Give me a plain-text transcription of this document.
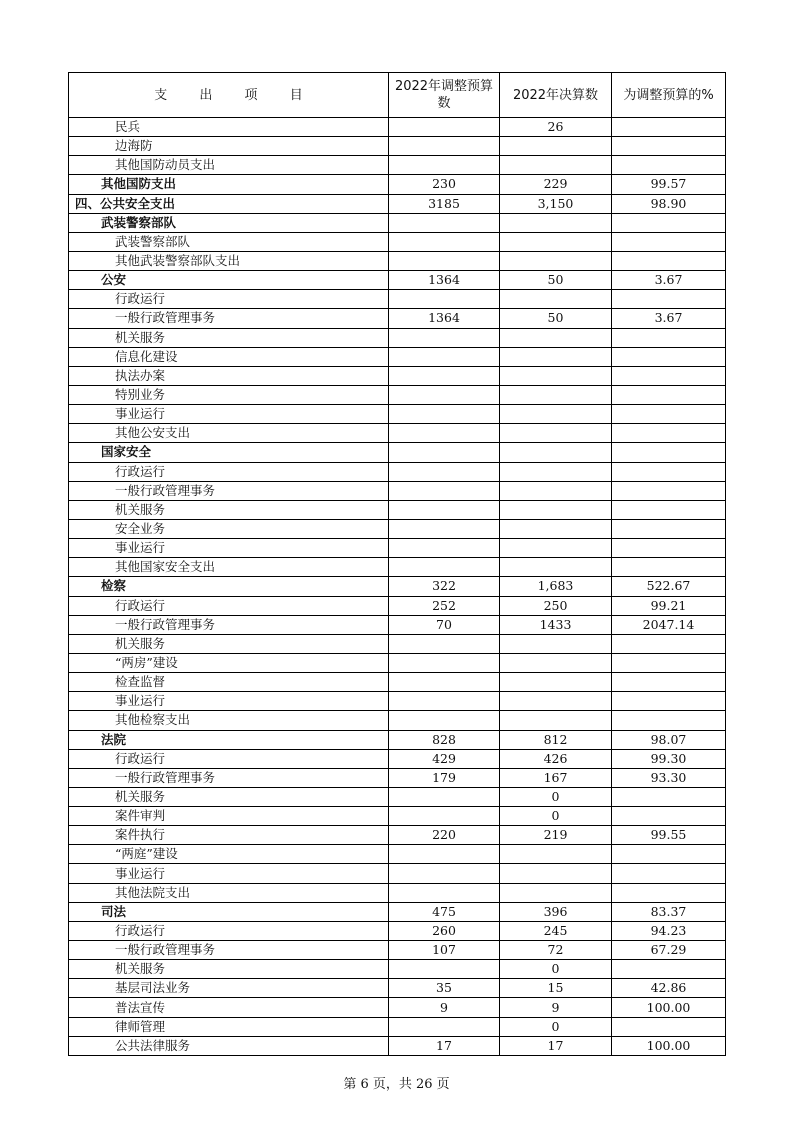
支 出 项 目	2022年调整预算数	2022年决算数	为调整预算的%
民兵		26	
边海防			
其他国防动员支出			
其他国防支出	230	229	99.57
四、公共安全支出	3185	3,150	98.90
武装警察部队			
武装警察部队			
其他武装警察部队支出			
公安	1364	50	3.67
行政运行			
一般行政管理事务	1364	50	3.67
机关服务			
信息化建设			
执法办案			
特别业务			
事业运行			
其他公安支出			
国家安全			
行政运行			
一般行政管理事务			
机关服务			
安全业务			
事业运行			
其他国家安全支出			
检察	322	1,683	522.67
行政运行	252	250	99.21
一般行政管理事务	70	1433	2047.14
机关服务			
“两房”建设			
检查监督			
事业运行			
其他检察支出			
法院	828	812	98.07
行政运行	429	426	99.30
一般行政管理事务	179	167	93.30
机关服务		0	
案件审判		0	
案件执行	220	219	99.55
“两庭”建设			
事业运行			
其他法院支出			
司法	475	396	83.37
行政运行	260	245	94.23
一般行政管理事务	107	72	67.29
机关服务		0	
基层司法业务	35	15	42.86
普法宣传	9	9	100.00
律师管理		0	
公共法律服务	17	17	100.00
第 6 页，共 26 页
